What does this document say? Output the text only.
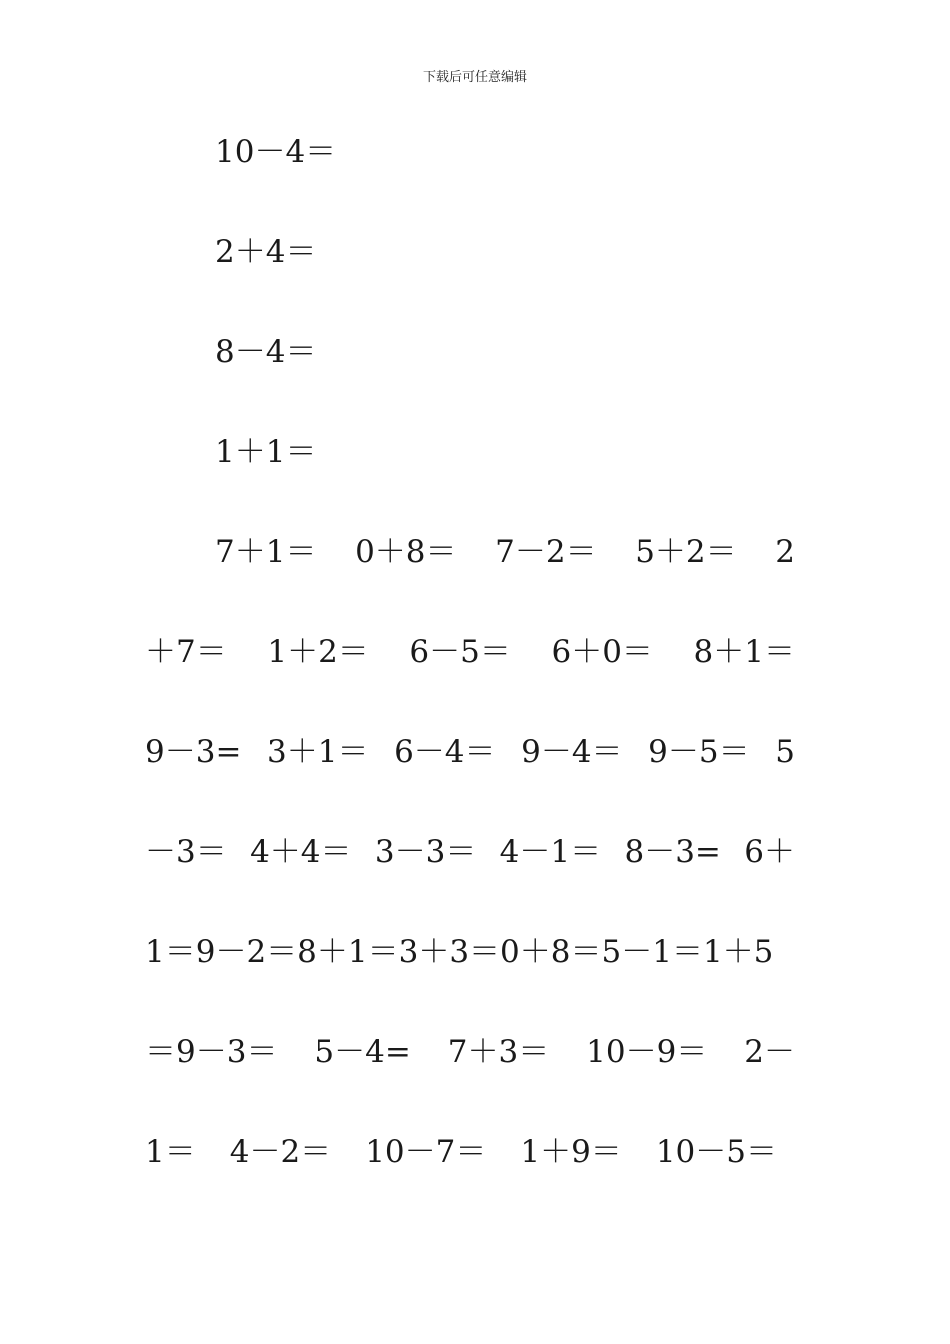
下载后可任意编辑
10－4＝
2＋4＝
8－4＝
1＋1＝
7＋1＝ 0＋8＝ 7－2＝ 5＋2＝ 2
＋7＝ 1＋2＝ 6－5＝ 6＋0＝ 8＋1＝
9－3= 3＋1＝ 6－4＝ 9－4＝ 9－5＝ 5
－3＝ 4＋4＝ 3－3＝ 4－1＝ 8－3= 6＋
1＝9－2＝8＋1＝3＋3＝0＋8＝5－1＝1＋5
＝9－3＝ 5－4= 7＋3＝ 10－9＝ 2－
1＝ 4－2＝ 10－7＝ 1＋9＝ 10－5＝
